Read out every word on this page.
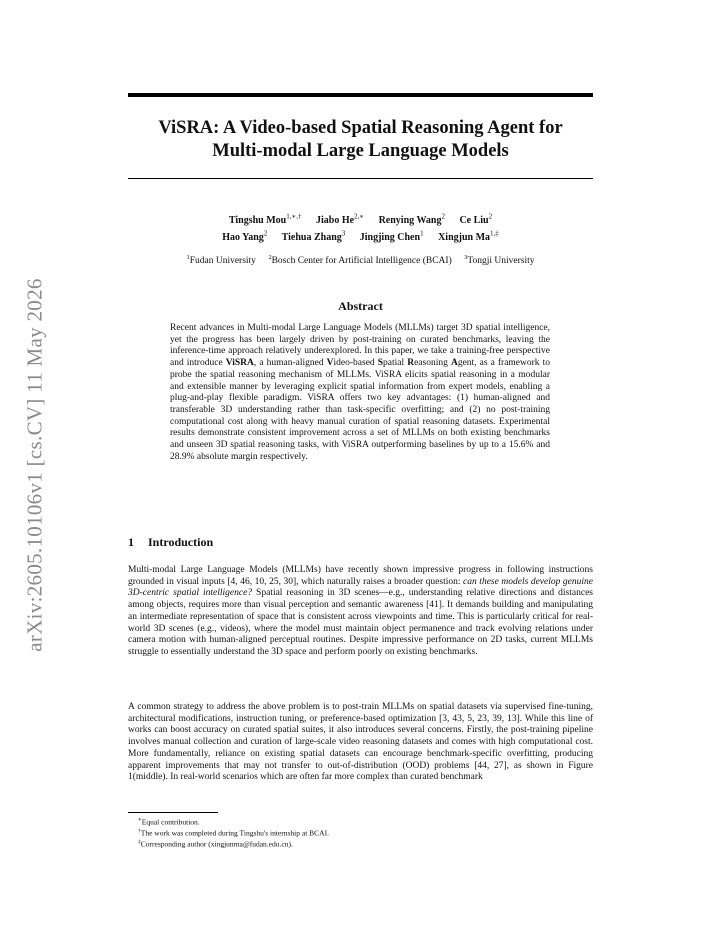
arXiv:2605.10106v1 [cs.CV] 11 May 2026
ViSRA: A Video-based Spatial Reasoning Agent for
Multi-modal Large Language Models
Tingshu Mou$^{1,∗,\dagger}$ Jiabo $He^{2,∗}$ Renying Wang$^2$ Ce Liu$^2$
Hao Yang$^2$ Tiehua Zhang$^3$ Jingjing Chen$^1$ Xingjun $Ma^{1,\ddagger}$
$^1$Fudan University $^2$Bosch Center for Artificial Intelligence (BCAI) $^3$Tongji University
Abstract
Recent advances in Multi-modal Large Language Models (MLLMs) target 3D spatial intelligence, yet the progress has been largely driven by post-training on curated benchmarks, leaving the inference-time approach relatively underexplored. In this paper, we take a training-free perspective and introduce ViSRA, a human-aligned Video-based Spatial Reasoning Agent, as a framework to probe the spatial reasoning mechanism of MLLMs. ViSRA elicits spatial reasoning in a modular and extensible manner by leveraging explicit spatial information from expert models, enabling a plug-and-play flexible paradigm. ViSRA offers two key advantages: (1) human-aligned and transferable 3D understanding rather than task-specific overfitting; and (2) no post-training computational cost along with heavy manual curation of spatial reasoning datasets. Experimental results demonstrate consistent improvement across a set of MLLMs on both existing benchmarks and unseen 3D spatial reasoning tasks, with ViSRA outperforming baselines by up to a 15.6% and 28.9% absolute margin respectively.
1 Introduction
Multi-modal Large Language Models (MLLMs) have recently shown impressive progress in following instructions grounded in visual inputs [4, 46, 10, 25, 30], which naturally raises a broader question: can these models develop genuine 3D-centric spatial intelligence? Spatial reasoning in 3D scenes—e.g., understanding relative directions and distances among objects, requires more than visual perception and semantic awareness [41]. It demands building and manipulating an intermediate representation of space that is consistent across viewpoints and time. This is particularly critical for real-world 3D scenes (e.g., videos), where the model must maintain object permanence and track evolving relations under camera motion with human-aligned perceptual routines. Despite impressive performance on 2D tasks, current MLLMs struggle to essentially understand the 3D space and perform poorly on existing benchmarks.
A common strategy to address the above problem is to post-train MLLMs on spatial datasets via supervised fine-tuning, architectural modifications, instruction tuning, or preference-based optimization [3, 43, 5, 23, 39, 13]. While this line of works can boost accuracy on curated spatial suites, it also introduces several concerns. Firstly, the post-training pipeline involves manual collection and curation of large-scale video reasoning datasets and comes with high computational cost. More fundamentally, reliance on existing spatial datasets can encourage benchmark-specific overfitting, producing apparent improvements that may not transfer to out-of-distribution (OOD) problems [44, 27], as shown in Figure 1(middle). In real-world scenarios which are often far more complex than curated benchmark
∗Equal contribution.
†The work was completed during Tingshu's internship at BCAI.
‡Corresponding author (xingjunma@fudan.edu.cn).
